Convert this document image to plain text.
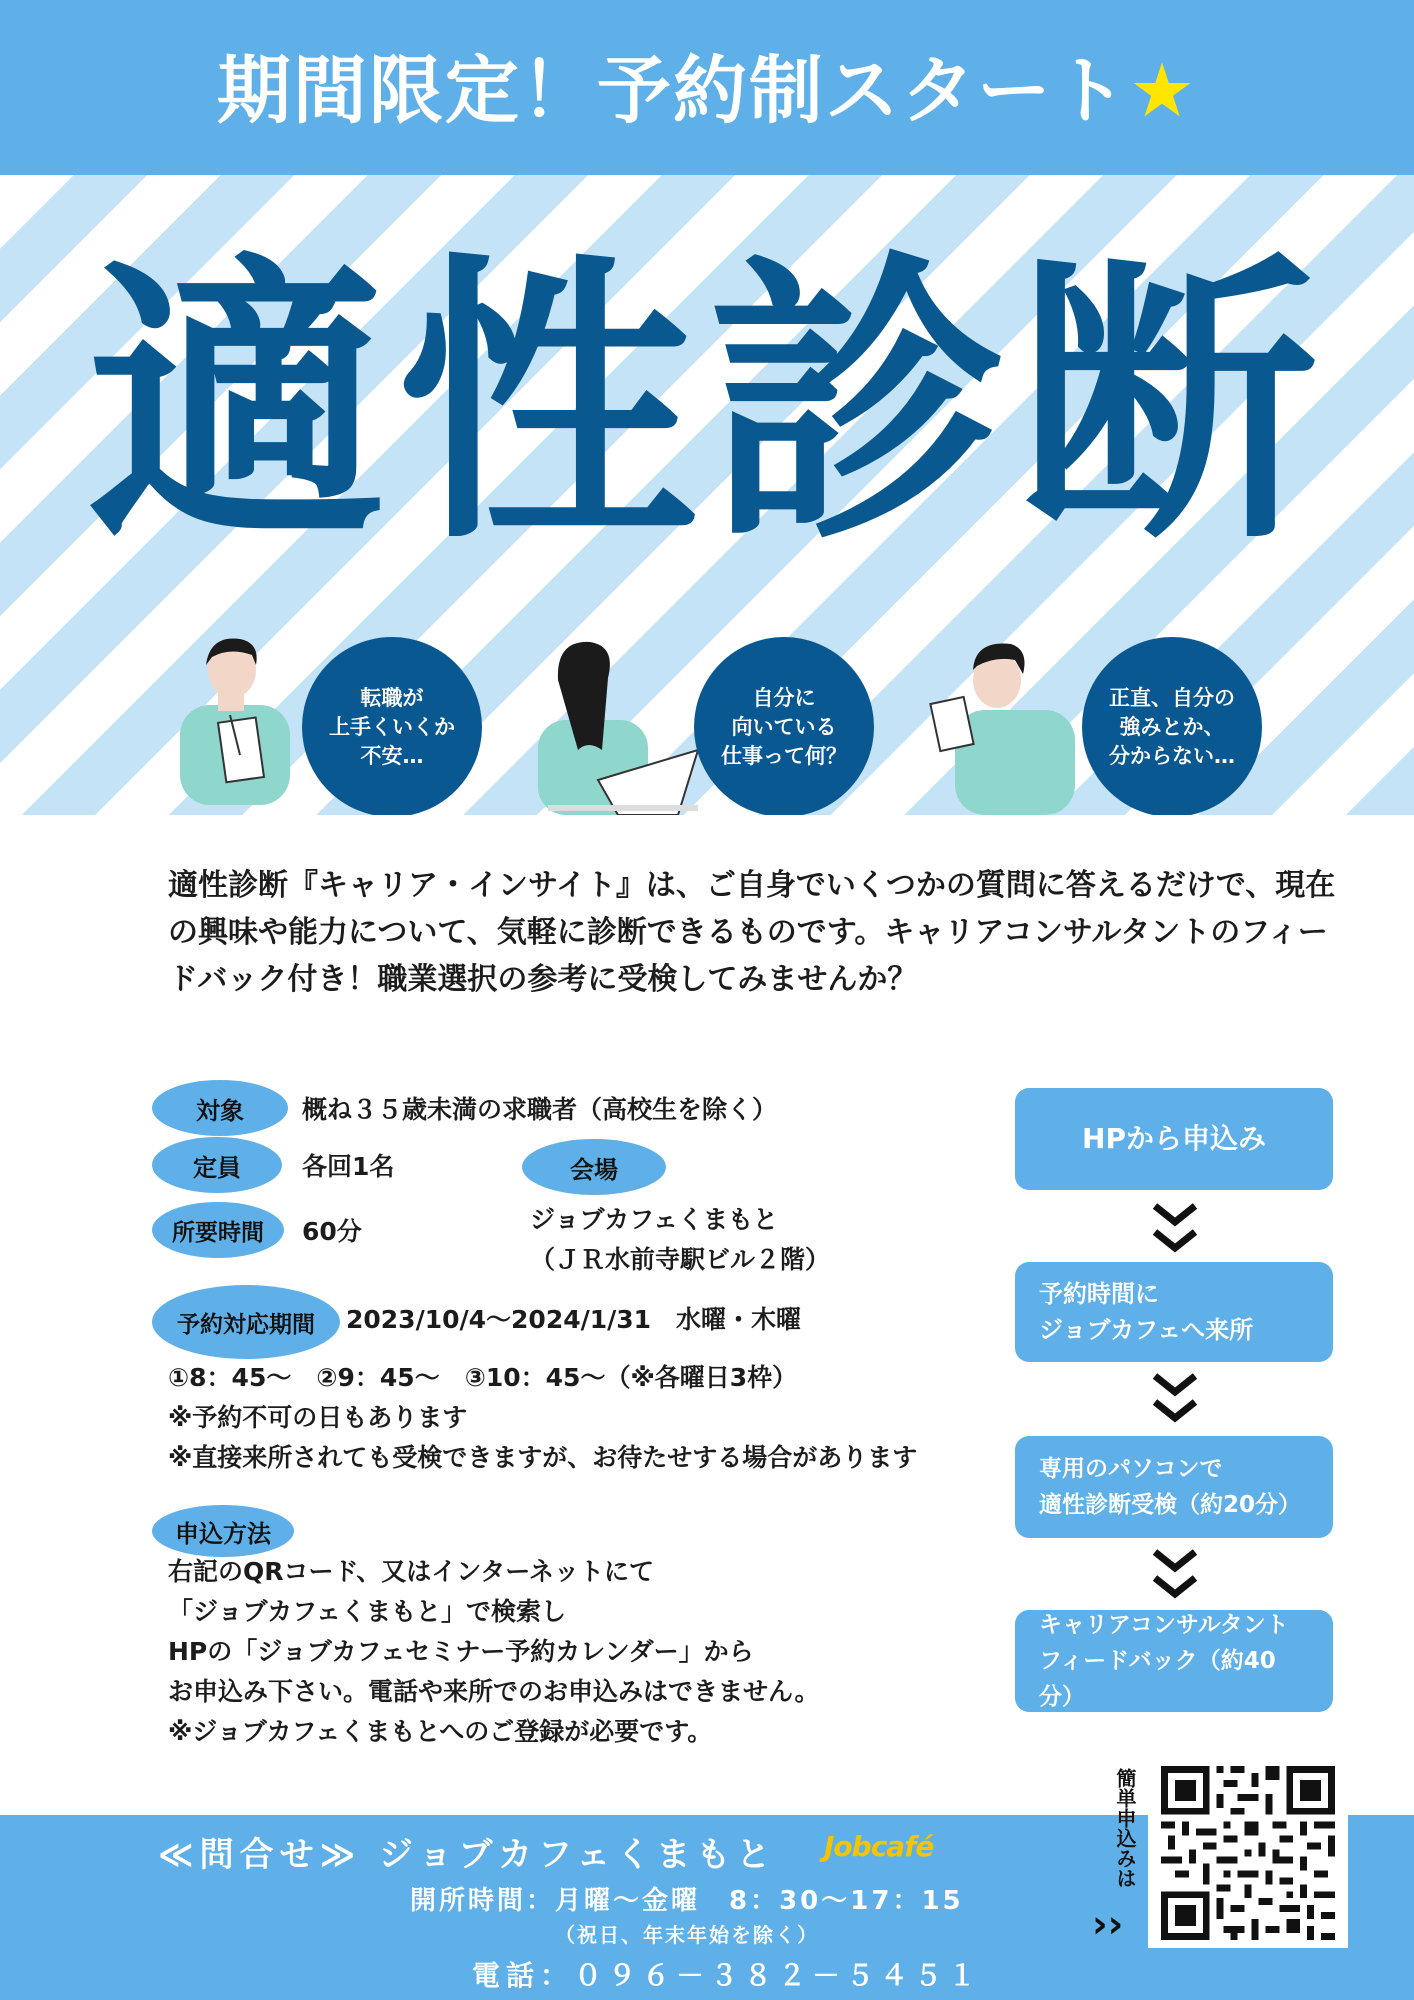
期間限定！予約制スタート★
適性診断
転職が
上手くいくか
不安…
自分に
向いている
仕事って何？
正直、自分の
強みとか、
分からない…
適性診断『キャリア・インサイト』は、ご自身でいくつかの質問に答えるだけで、現在の興味や能力について、気軽に診断できるものです。キャリアコンサルタントのフィードバック付き！職業選択の参考に受検してみませんか？
対象	概ね３５歳未満の求職者（高校生を除く）
定員	各回1名	会場
ジョブカフェくまもと
（ＪＲ水前寺駅ビル２階）
所要時間	60分
予約対応期間	2023/10/4～2024/1/31　水曜・木曜
①8：45～　②9：45～　③10：45～（※各曜日3枠）
※予約不可の日もあります
※直接来所されても受検できますが、お待たせする場合があります
申込方法
右記のQRコード、又はインターネットにて
「ジョブカフェくまもと」で検索し
HPの「ジョブカフェセミナー予約カレンダー」から
お申込み下さい。電話や来所でのお申込みはできません。
※ジョブカフェくまもとへのご登録が必要です。
HPから申込み
予約時間に
ジョブカフェへ来所
専用のパソコンで
適性診断受検（約20分）
キャリアコンサルタント
フィードバック（約40分）
≪問合せ≫ ジョブカフェくまもと Jobcafé
開所時間：月曜～金曜　8：30～17：15
（祝日、年末年始を除く）
電話：０９６－３８２－５４５１
簡単申込みは
››
